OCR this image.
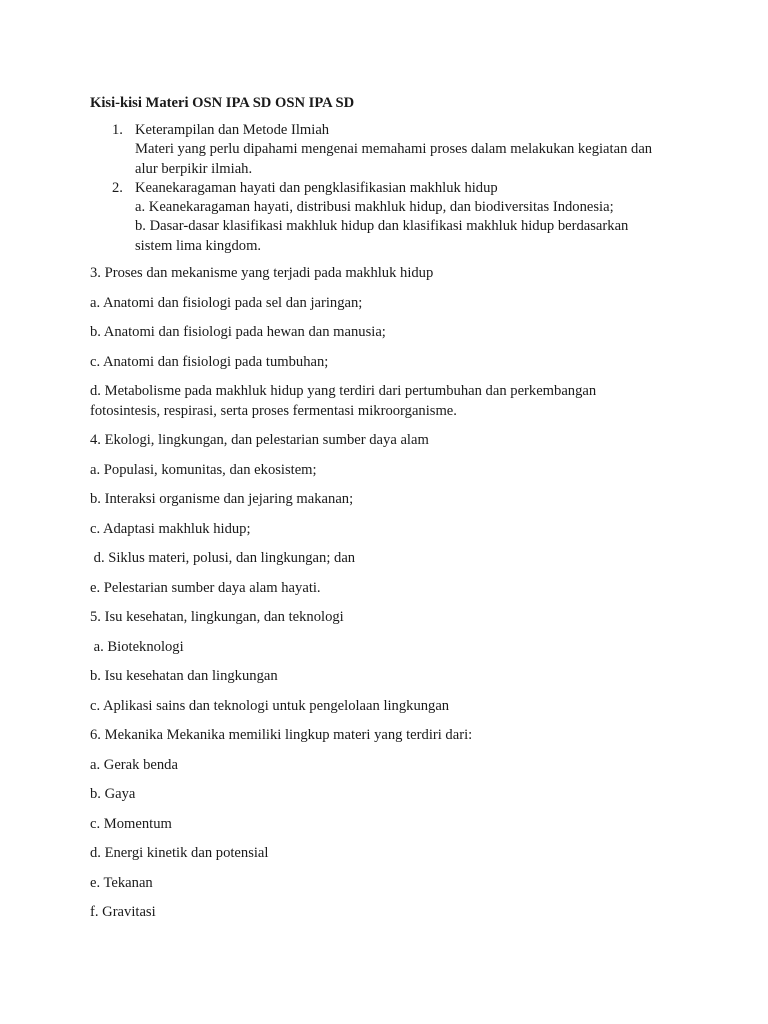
Kisi-kisi Materi OSN IPA SD OSN IPA SD
1. Keterampilan dan Metode Ilmiah
Materi yang perlu dipahami mengenai memahami proses dalam melakukan kegiatan dan
alur berpikir ilmiah.
2. Keanekaragaman hayati dan pengklasifikasian makhluk hidup
a. Keanekaragaman hayati, distribusi makhluk hidup, dan biodiversitas Indonesia;
b. Dasar-dasar klasifikasi makhluk hidup dan klasifikasi makhluk hidup berdasarkan
sistem lima kingdom.
3. Proses dan mekanisme yang terjadi pada makhluk hidup
a. Anatomi dan fisiologi pada sel dan jaringan;
b. Anatomi dan fisiologi pada hewan dan manusia;
c. Anatomi dan fisiologi pada tumbuhan;
d. Metabolisme pada makhluk hidup yang terdiri dari pertumbuhan dan perkembangan
fotosintesis, respirasi, serta proses fermentasi mikroorganisme.
4. Ekologi, lingkungan, dan pelestarian sumber daya alam
a. Populasi, komunitas, dan ekosistem;
b. Interaksi organisme dan jejaring makanan;
c. Adaptasi makhluk hidup;
d. Siklus materi, polusi, dan lingkungan; dan
e. Pelestarian sumber daya alam hayati.
5. Isu kesehatan, lingkungan, dan teknologi
a. Bioteknologi
b. Isu kesehatan dan lingkungan
c. Aplikasi sains dan teknologi untuk pengelolaan lingkungan
6. Mekanika Mekanika memiliki lingkup materi yang terdiri dari:
a. Gerak benda
b. Gaya
c. Momentum
d. Energi kinetik dan potensial
e. Tekanan
f. Gravitasi
